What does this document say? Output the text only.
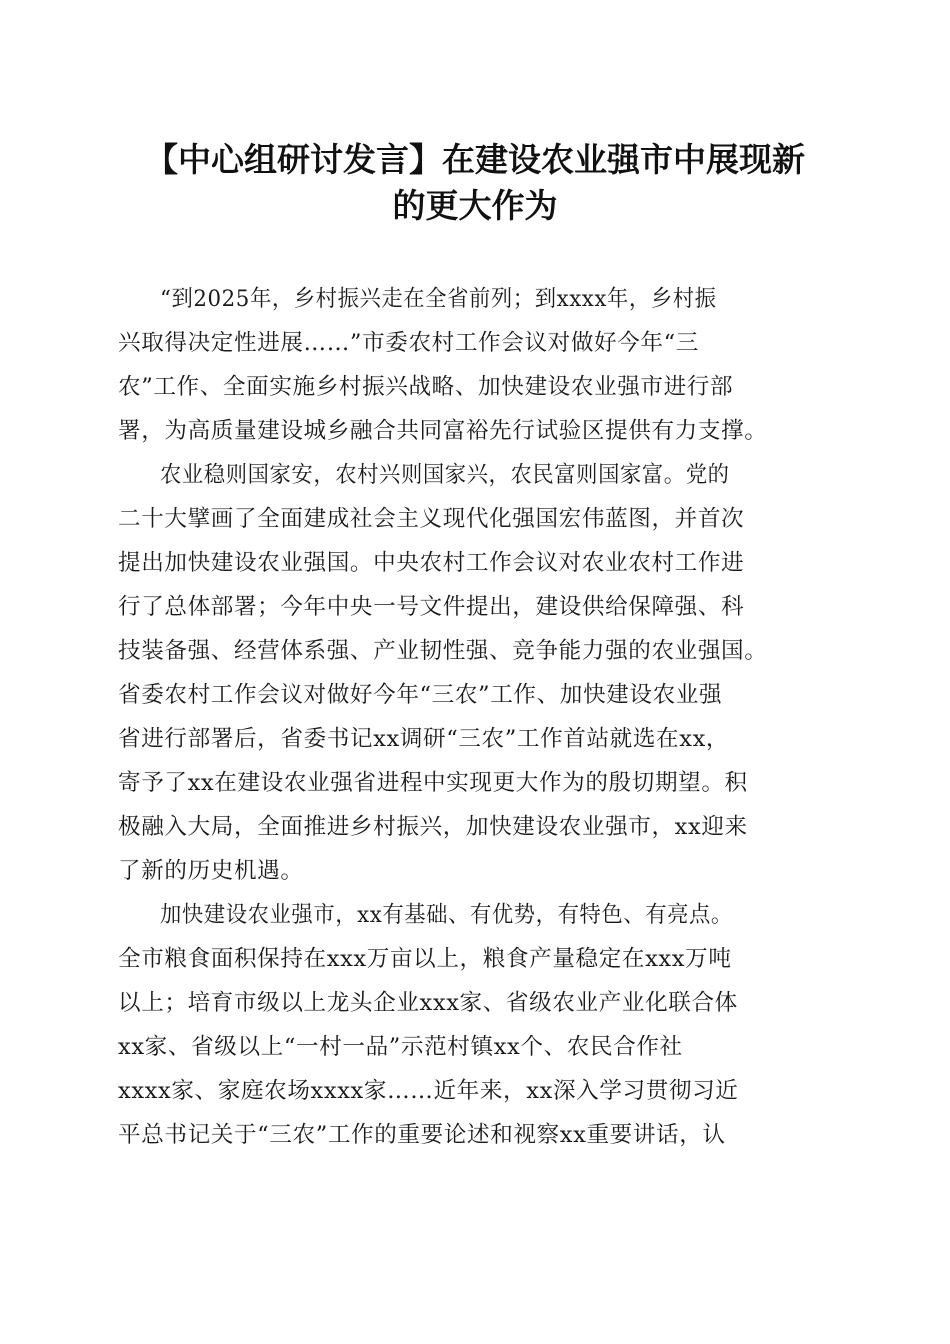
【中心组研讨发言】在建设农业强市中展现新
的更大作为
“到2025年，乡村振兴走在全省前列；到xxxx年，乡村振
兴取得决定性进展……”市委农村工作会议对做好今年“三
农”工作、全面实施乡村振兴战略、加快建设农业强市进行部
署，为高质量建设城乡融合共同富裕先行试验区提供有力支撑。
农业稳则国家安，农村兴则国家兴，农民富则国家富。党的
二十大擘画了全面建成社会主义现代化强国宏伟蓝图，并首次
提出加快建设农业强国。中央农村工作会议对农业农村工作进
行了总体部署；今年中央一号文件提出，建设供给保障强、科
技装备强、经营体系强、产业韧性强、竞争能力强的农业强国。
省委农村工作会议对做好今年“三农”工作、加快建设农业强
省进行部署后，省委书记xx调研“三农”工作首站就选在xx，
寄予了xx在建设农业强省进程中实现更大作为的殷切期望。积
极融入大局，全面推进乡村振兴，加快建设农业强市，xx迎来
了新的历史机遇。
加快建设农业强市，xx有基础、有优势，有特色、有亮点。
全市粮食面积保持在xxx万亩以上，粮食产量稳定在xxx万吨
以上；培育市级以上龙头企业xxx家、省级农业产业化联合体
xx家、省级以上“一村一品”示范村镇xx个、农民合作社
xxxx家、家庭农场xxxx家……近年来，xx深入学习贯彻习近
平总书记关于“三农”工作的重要论述和视察xx重要讲话，认
